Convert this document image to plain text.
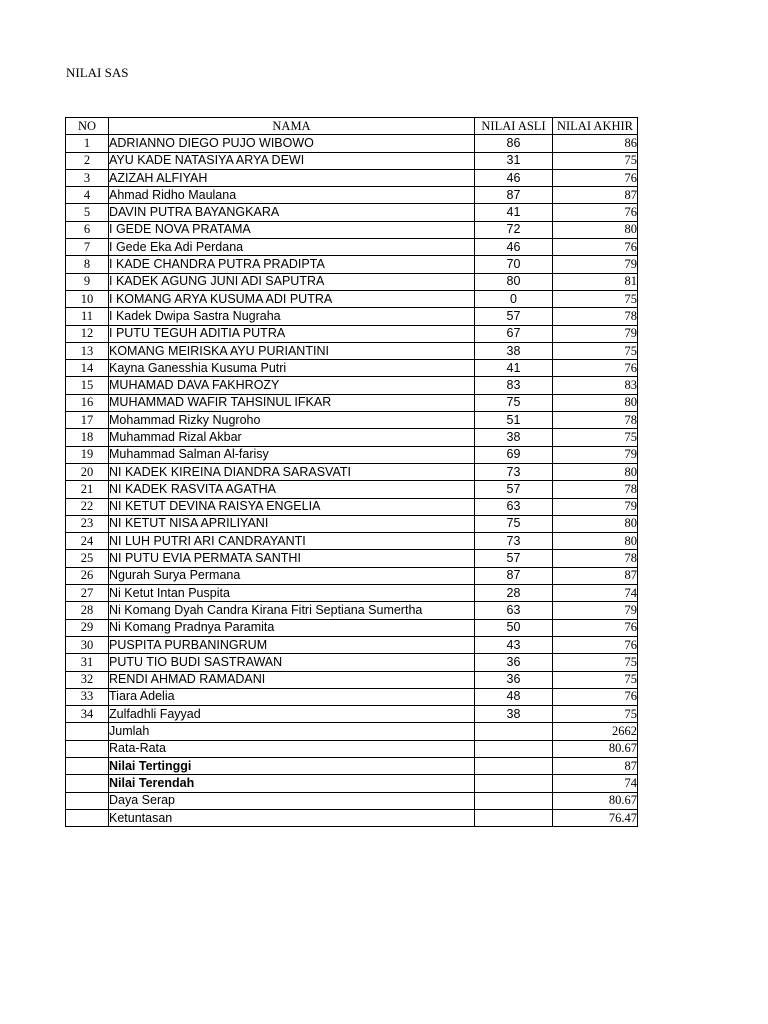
NILAI SAS
NO	NAMA	NILAI ASLI	NILAI AKHIR
1	ADRIANNO DIEGO PUJO WIBOWO	86	86
2	AYU KADE NATASIYA ARYA DEWI	31	75
3	AZIZAH ALFIYAH	46	76
4	Ahmad Ridho Maulana	87	87
5	DAVIN PUTRA BAYANGKARA	41	76
6	I GEDE NOVA PRATAMA	72	80
7	I Gede Eka Adi Perdana	46	76
8	I KADE CHANDRA PUTRA PRADIPTA	70	79
9	I KADEK AGUNG JUNI ADI SAPUTRA	80	81
10	I KOMANG ARYA KUSUMA ADI PUTRA	0	75
11	I Kadek Dwipa Sastra Nugraha	57	78
12	I PUTU TEGUH ADITIA PUTRA	67	79
13	KOMANG MEIRISKA AYU PURIANTINI	38	75
14	Kayna Ganesshia Kusuma Putri	41	76
15	MUHAMAD DAVA FAKHROZY	83	83
16	MUHAMMAD WAFIR TAHSINUL IFKAR	75	80
17	Mohammad Rizky Nugroho	51	78
18	Muhammad Rizal Akbar	38	75
19	Muhammad Salman Al-farisy	69	79
20	NI KADEK KIREINA DIANDRA SARASVATI	73	80
21	NI KADEK RASVITA AGATHA	57	78
22	NI KETUT DEVINA RAISYA ENGELIA	63	79
23	NI KETUT NISA APRILIYANI	75	80
24	NI LUH PUTRI ARI CANDRAYANTI	73	80
25	NI PUTU EVIA PERMATA SANTHI	57	78
26	Ngurah Surya Permana	87	87
27	Ni Ketut Intan Puspita	28	74
28	Ni Komang Dyah Candra Kirana Fitri Septiana Sumertha	63	79
29	Ni Komang Pradnya Paramita	50	76
30	PUSPITA PURBANINGRUM	43	76
31	PUTU TIO BUDI SASTRAWAN	36	75
32	RENDI AHMAD RAMADANI	36	75
33	Tiara Adelia	48	76
34	Zulfadhli Fayyad	38	75
	Jumlah		2662
	Rata-Rata		80.67
	Nilai Tertinggi		87
	Nilai Terendah		74
	Daya Serap		80.67
	Ketuntasan		76.47
